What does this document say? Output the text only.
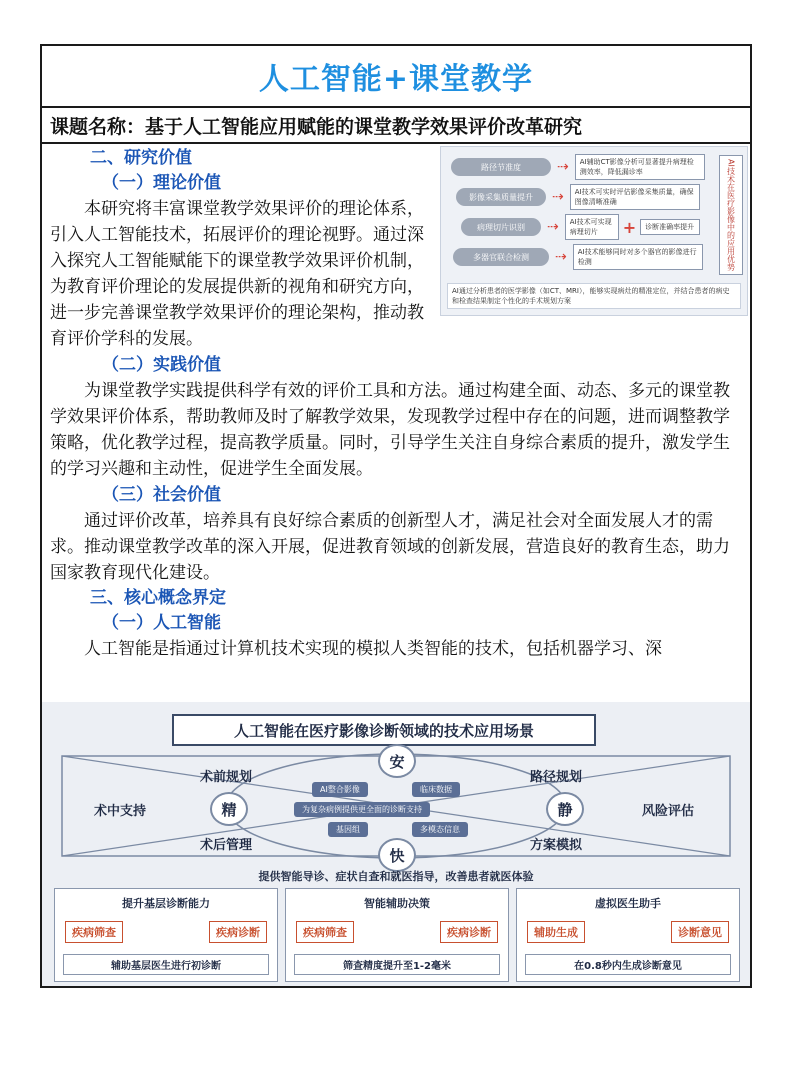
人工智能+课堂教学
课题名称：基于人工智能应用赋能的课堂教学效果评价改革研究
路径节准度	⇢	AI辅助CT影像分析可显著提升病理检测效率，降低漏诊率
影像采集质量提升	⇢	AI技术可实时评估影像采集质量，确保图像清晰准确
病理切片识别	⇢	AI技术可实现病理切片	+	诊断准确率提升
多器官联合检测	⇢	AI技术能够同时对多个器官的影像进行检测	AI技术在医疗影像中的应用优势
AI通过分析患者的医学影像（如CT、MRI），能够实现病灶的精准定位，并结合患者的病史和检查结果制定个性化的手术规划方案
二、研究价值
（一）理论价值

本研究将丰富课堂教学效果评价的理论体系，引入人工智能技术，拓展评价的理论视野。通过深入探究人工智能赋能下的课堂教学效果评价机制，为教育评价理论的发展提供新的视角和研究方向，进一步完善课堂教学效果评价的理论架构，推动教育评价学科的发展。

（二）实践价值

为课堂教学实践提供科学有效的评价工具和方法。通过构建全面、动态、多元的课堂教学效果评价体系，帮助教师及时了解教学效果，发现教学过程中存在的问题，进而调整教学策略，优化教学过程，提高教学质量。同时，引导学生关注自身综合素质的提升，激发学生的学习兴趣和主动性，促进学生全面发展。

（三）社会价值

通过评价改革，培养具有良好综合素质的创新型人才，满足社会对全面发展人才的需求。推动课堂教学改革的深入开展，促进教育领域的创新发展，营造良好的教育生态，助力国家教育现代化建设。

三、核心概念界定
（一）人工智能

人工智能是指通过计算机技术实现的模拟人类智能的技术，包括机器学习、深

人工智能在医疗影像诊断领域的技术应用场景
术前规划	路径规划
术中支持	风险评估
术后管理	方案模拟
安
精	静
快
AI整合影像	临床数据
为复杂病例提供更全面的诊断支持
基因组	多模态信息
提供智能导诊、症状自查和就医指导，改善患者就医体验
提升基层诊断能力
疾病筛查	疾病诊断
辅助基层医生进行初诊断
智能辅助决策
疾病筛查	疾病诊断
筛查精度提升至1-2毫米
虚拟医生助手
辅助生成	诊断意见
在0.8秒内生成诊断意见
